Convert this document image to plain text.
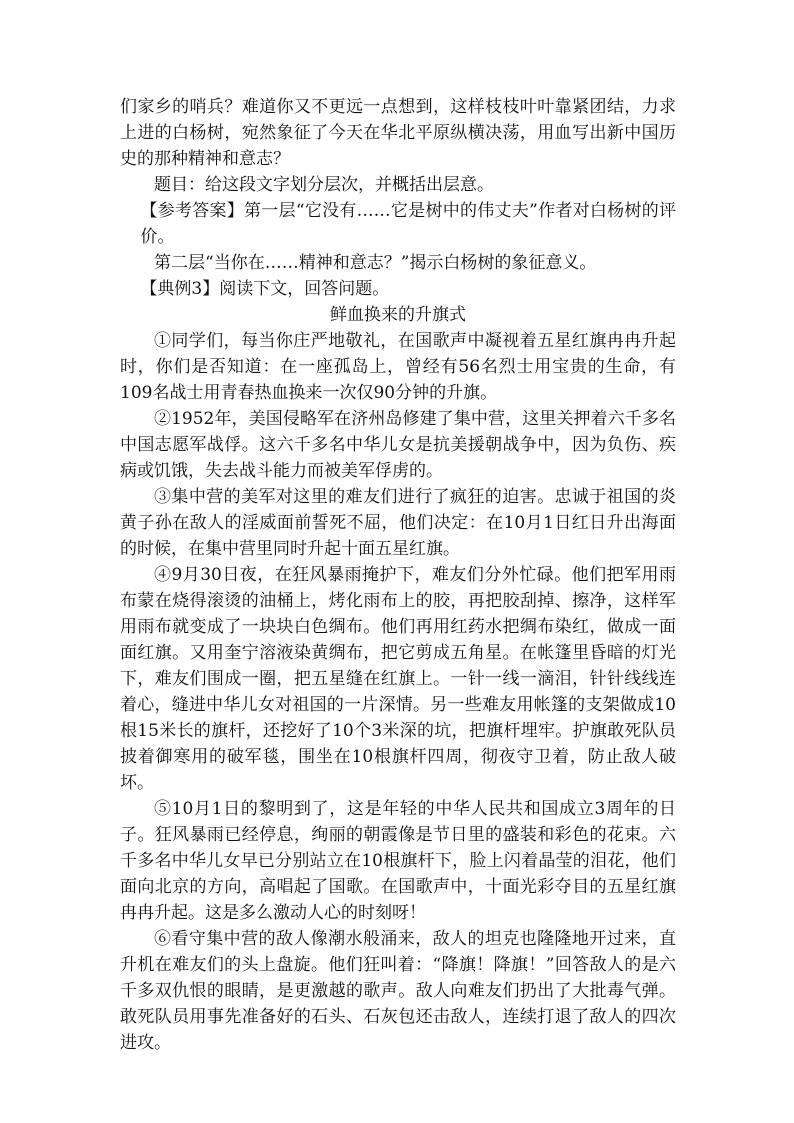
们家乡的哨兵？难道你又不更远一点想到，这样枝枝叶叶靠紧团结，力求上进的白杨树，宛然象征了今天在华北平原纵横决荡，用血写出新中国历史的那种精神和意志？

题目：给这段文字划分层次，并概括出层意。

【参考答案】第一层“它没有……它是树中的伟丈夫”作者对白杨树的评价。

第二层“当你在……精神和意志？”揭示白杨树的象征意义。

【典例3】阅读下文，回答问题。

鲜血换来的升旗式

①同学们，每当你庄严地敬礼，在国歌声中凝视着五星红旗冉冉升起时，你们是否知道：在一座孤岛上，曾经有56名烈士用宝贵的生命，有109名战士用青春热血换来一次仅90分钟的升旗。

②1952年，美国侵略军在济州岛修建了集中营，这里关押着六千多名中国志愿军战俘。这六千多名中华儿女是抗美援朝战争中，因为负伤、疾病或饥饿，失去战斗能力而被美军俘虏的。

③集中营的美军对这里的难友们进行了疯狂的迫害。忠诚于祖国的炎黄子孙在敌人的淫威面前誓死不屈，他们决定：在10月1日红日升出海面的时候，在集中营里同时升起十面五星红旗。

④9月30日夜，在狂风暴雨掩护下，难友们分外忙碌。他们把军用雨布蒙在烧得滚烫的油桶上，烤化雨布上的胶，再把胶刮掉、擦净，这样军用雨布就变成了一块块白色绸布。他们再用红药水把绸布染红，做成一面面红旗。又用奎宁溶液染黄绸布，把它剪成五角星。在帐篷里昏暗的灯光下，难友们围成一圈，把五星缝在红旗上。一针一线一滴泪，针针线线连着心，缝进中华儿女对祖国的一片深情。另一些难友用帐篷的支架做成10根15米长的旗杆，还挖好了10个3米深的坑，把旗杆埋牢。护旗敢死队员披着御寒用的破军毯，围坐在10根旗杆四周，彻夜守卫着，防止敌人破坏。

⑤10月1日的黎明到了，这是年轻的中华人民共和国成立3周年的日子。狂风暴雨已经停息，绚丽的朝霞像是节日里的盛装和彩色的花束。六千多名中华儿女早已分别站立在10根旗杆下，脸上闪着晶莹的泪花，他们面向北京的方向，高唱起了国歌。在国歌声中，十面光彩夺目的五星红旗冉冉升起。这是多么激动人心的时刻呀！

⑥看守集中营的敌人像潮水般涌来，敌人的坦克也隆隆地开过来，直升机在难友们的头上盘旋。他们狂叫着：“降旗！降旗！”回答敌人的是六千多双仇恨的眼睛，是更激越的歌声。敌人向难友们扔出了大批毒气弹。敢死队员用事先准备好的石头、石灰包还击敌人，连续打退了敌人的四次进攻。
